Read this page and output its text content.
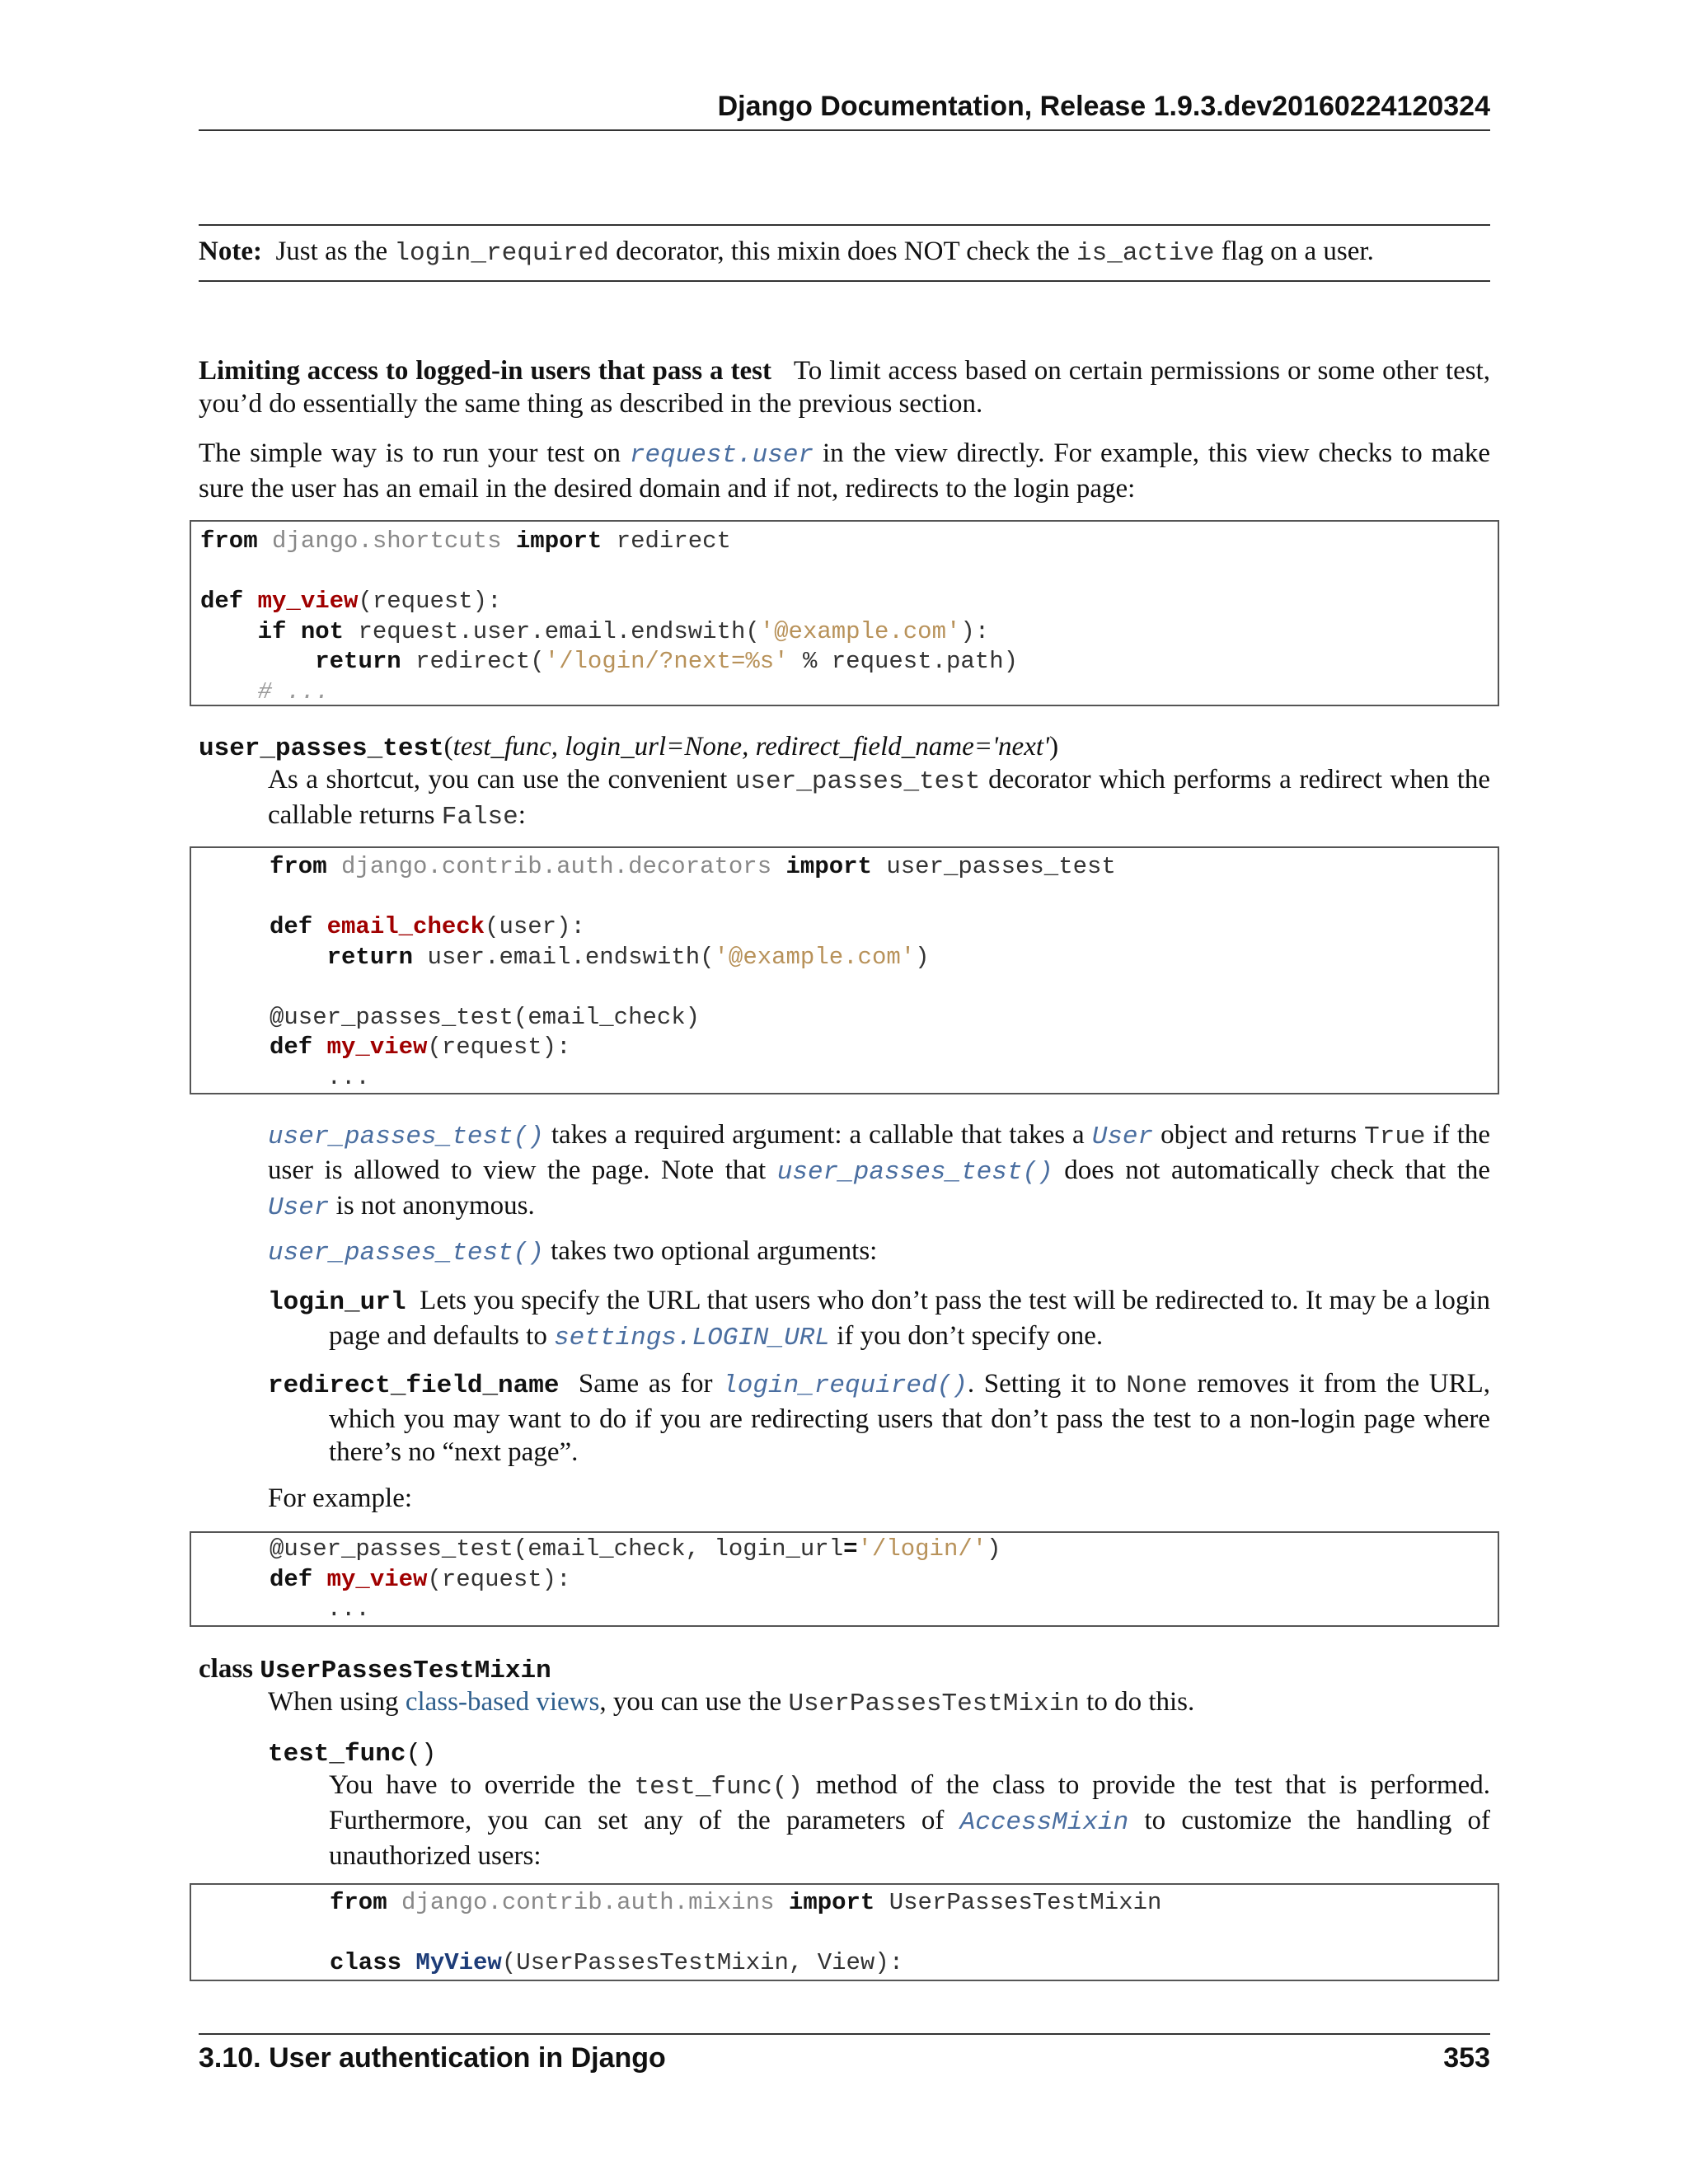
Django Documentation, Release 1.9.3.dev20160224120324
Note: Just as the login_required decorator, this mixin does NOT check the is_active flag on a user.

Limiting access to logged-in users that pass a test To limit access based on certain permissions or some other test, you’d do essentially the same thing as described in the previous section.

The simple way is to run your test on request.user in the view directly. For example, this view checks to make sure the user has an email in the desired domain and if not, redirects to the login page:

from django.shortcuts import redirect

def my_view(request):
if not request.user.email.endswith('@example.com'):
return redirect('/login/?next=%s' % request.path)
# ...
user_passes_test(test_func, login_url=None, redirect_field_name='next')

As a shortcut, you can use the convenient user_passes_test decorator which performs a redirect when the callable returns False:

from django.contrib.auth.decorators import user_passes_test

def email_check(user):
return user.email.endswith('@example.com')

@user_passes_test(email_check)
def my_view(request):
...

user_passes_test() takes a required argument: a callable that takes a User object and returns True if the user is allowed to view the page. Note that user_passes_test() does not automatically check that the User is not anonymous.

user_passes_test() takes two optional arguments:

login_url Lets you specify the URL that users who don’t pass the test will be redirected to. It may be a login page and defaults to settings.LOGIN_URL if you don’t specify one.

redirect_field_name Same as for login_required(). Setting it to None removes it from the URL, which you may want to do if you are redirecting users that don’t pass the test to a non-login page where there’s no “next page”.

For example:

@user_passes_test(email_check, login_url='/login/')
def my_view(request):
...
class UserPassesTestMixin

When using class-based views, you can use the UserPassesTestMixin to do this.

test_func()

You have to override the test_func() method of the class to provide the test that is performed. Furthermore, you can set any of the parameters of AccessMixin to customize the handling of unauthorized users:

from django.contrib.auth.mixins import UserPassesTestMixin

class MyView(UserPassesTestMixin, View):
3.10. User authentication in Django	353
